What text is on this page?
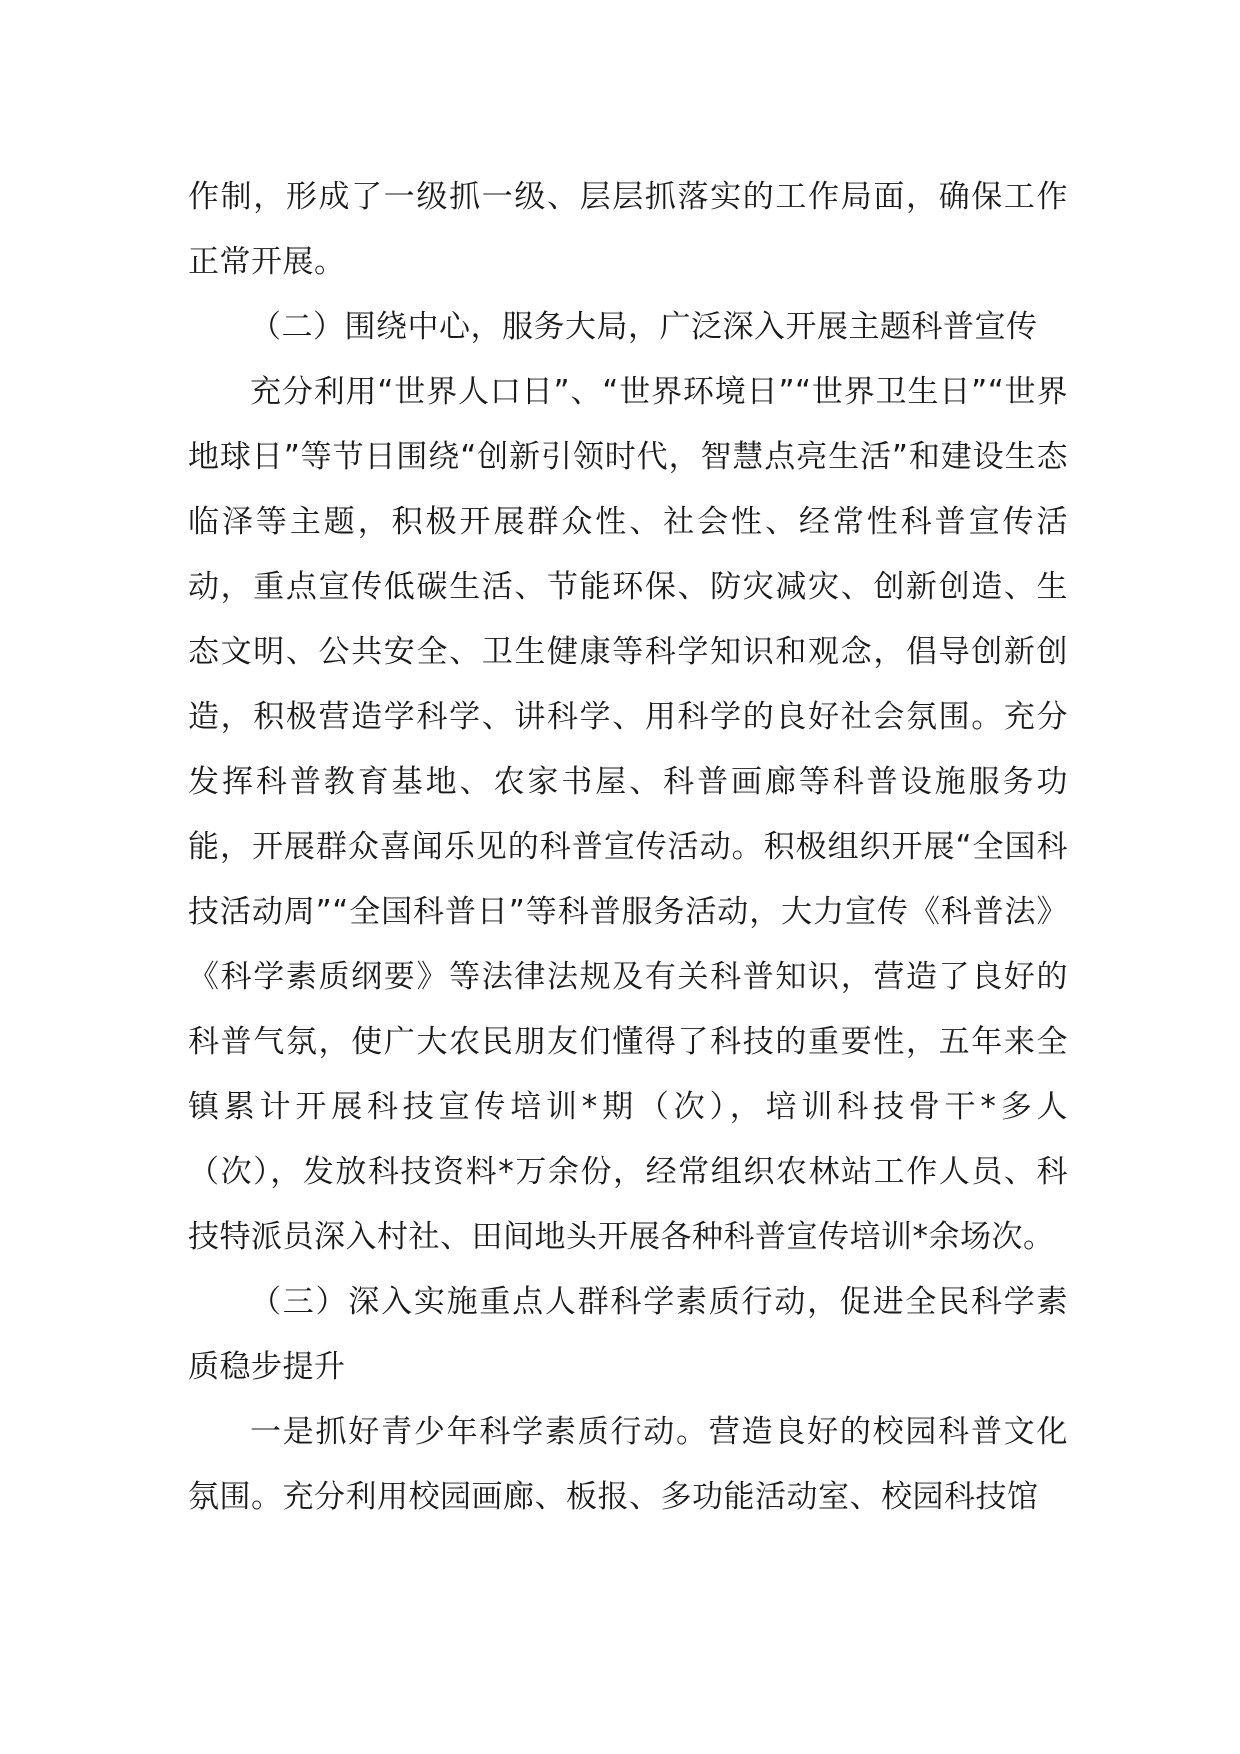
作制，形成了一级抓一级、层层抓落实的工作局面，确保工作正常开展。

（二）围绕中心，服务大局，广泛深入开展主题科普宣传

充分利用“世界人口日”、“世界环境日”“世界卫生日”“世界地球日”等节日围绕“创新引领时代，智慧点亮生活”和建设生态临泽等主题，积极开展群众性、社会性、经常性科普宣传活动，重点宣传低碳生活、节能环保、防灾减灾、创新创造、生态文明、公共安全、卫生健康等科学知识和观念，倡导创新创造，积极营造学科学、讲科学、用科学的良好社会氛围。充分发挥科普教育基地、农家书屋、科普画廊等科普设施服务功能，开展群众喜闻乐见的科普宣传活动。积极组织开展“全国科技活动周”“全国科普日”等科普服务活动，大力宣传《科普法》《科学素质纲要》等法律法规及有关科普知识，营造了良好的科普气氛，使广大农民朋友们懂得了科技的重要性，五年来全镇累计开展科技宣传培训*期（次），培训科技骨干*多人（次），发放科技资料*万余份，经常组织农林站工作人员、科技特派员深入村社、田间地头开展各种科普宣传培训*余场次。

（三）深入实施重点人群科学素质行动，促进全民科学素质稳步提升

一是抓好青少年科学素质行动。营造良好的校园科普文化氛围。充分利用校园画廊、板报、多功能活动室、校园科技馆
